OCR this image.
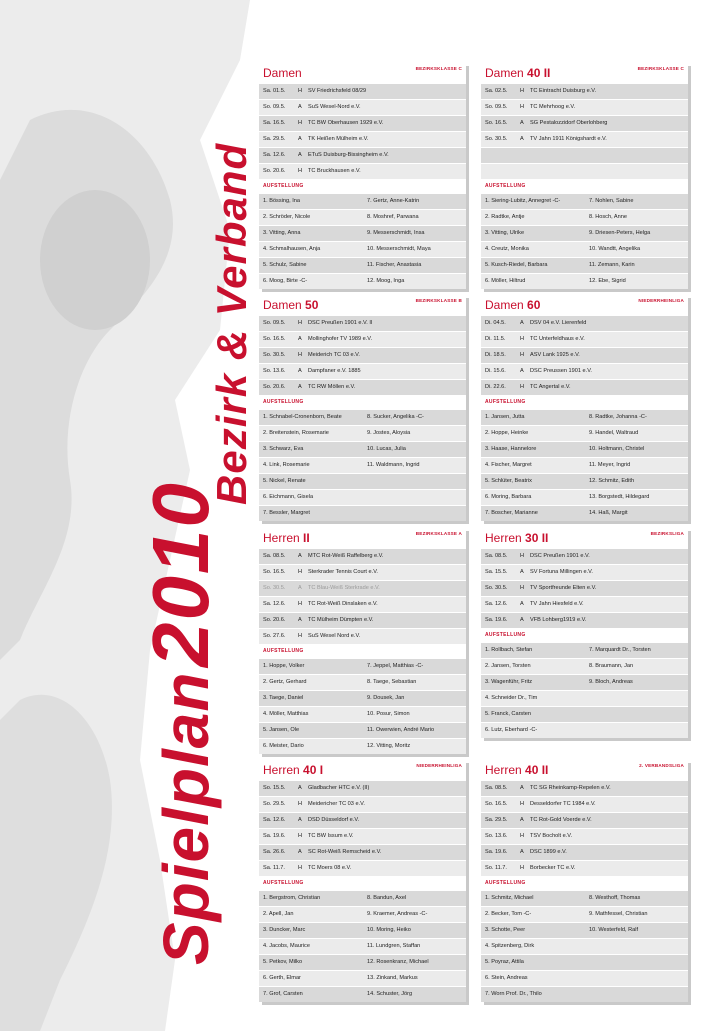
Spielplan 2010
Bezirk & Verband
Damen	BEZIRKSKLASSE C
Sa. 01.5. H SV Friedrichsfeld 08/29
So. 09.5. A SuS Wesel-Nord e.V.
Sa. 16.5. H TC BW Oberhausen 1929 e.V.
Sa. 29.5. A TK Heißen Mülheim e.V.
Sa. 12.6. A ETuS Duisburg-Bissingheim e.V.
So. 20.6. H TC Bruckhausen e.V.
AUFSTELLUNG
1. Bössing, Ina	7. Gertz, Anne-Katrin
2. Schröder, Nicole	8. Moshref, Parwana
3. Vitting, Anna	9. Messerschmidt, Insa
4. Schmalhausen, Anja	10. Messerschmidt, Maya
5. Schulz, Sabine	11. Fischer, Anastasia
6. Moog, Birte -C-	12. Moog, Inga
Damen 40 II	BEZIRKSKLASSE C
Sa. 02.5. H TC Eintracht Duisburg e.V.
So. 09.5. H TC Mehrhoog e.V.
So. 16.5. A SG Pestalozzidorf Oberlohberg
So. 30.5. A TV Jahn 1911 Königshardt e.V.
AUFSTELLUNG
1. Siering-Lubitz, Annegret -C-	7. Nohlen, Sabine
2. Radtke, Antje	8. Hosch, Anne
3. Vitting, Ulrike	9. Driesen-Peters, Helga
4. Creutz, Monika	10. Wandtt, Angelika
5. Kusch-Riedel, Barbara	11. Zemann, Karin
6. Möller, Hiltrud	12. Ebe, Sigrid
Damen 50	BEZIRKSKLASSE B
So. 09.5. H DSC Preußen 1901 e.V. II
So. 16.5. A Mollinghofer TV 1989 e.V.
So. 30.5. H Meiderich TC 03 e.V.
So. 13.6. A Dampfaner e.V. 1885
So. 20.6. A TC RW Möllen e.V.
AUFSTELLUNG
1. Schnabel-Cronenborn, Beate	8. Sucker, Angelika -C-
2. Breitenstein, Rosemarie	9. Jostes, Aloysia
3. Schwarz, Eva	10. Lucas, Julia
4. Link, Rosemarie	11. Waldmann, Ingrid
5. Nickel, Renate
6. Eichmann, Gisela
7. Bessler, Margret
Damen 60	NIEDERRHEINLIGA
Di. 04.5.	A DSV 04 e.V. Lierenfeld
Di. 11.5.	H TC Unterfeldhaus e.V.
Di. 18.5.	H ASV Lank 1925 e.V.
Di. 15.6.	A DSC Preussen 1901 e.V.
Di. 22.6.	H TC Angertal e.V.
AUFSTELLUNG
1. Jansen, Jutta	8. Radtke, Johanna -C-
2. Hoppe, Heinke	9. Handel, Waltraud
3. Haase, Hannelore	10. Holtmann, Christel
4. Fischer, Margret	11. Meyer, Ingrid
5. Schlüter, Beatrix	12. Schmitz, Edith
6. Moring, Barbara	13. Borgstedt, Hildegard
7. Boscher, Marianne	14. Haß, Margit
Herren II	BEZIRKSKLASSE A
Sa. 08.5. A MTC Rot-Weiß Raffelberg e.V.
So. 16.5. H Sterkrader Tennis Court e.V.
So. 30.5. A TC Blau-Weiß Sterkrade e.V.
Sa. 12.6. H TC Rot-Weiß Dinslaken e.V.
So. 20.6. A TC Mülheim Dümpten e.V.
So. 27.6. H SuS Wesel Nord e.V.
AUFSTELLUNG
1. Hoppe, Volker	7. Jeppel, Matthias -C-
2. Gertz, Gerhard	8. Taege, Sebastian
3. Taege, Daniel	9. Dousek, Jan
4. Möller, Matthias	10. Posur, Simon
5. Jansen, Ole	11. Owerwien, André Mario
6. Meister, Dario	12. Vitting, Moritz
Herren 30 II	BEZIRKSLIGA
Sa. 08.5. H DSC Preußen 1901 e.V.
Sa. 15.5. A SV Fortuna Millingen e.V.
So. 30.5. H TV Sportfreunde Elten e.V.
Sa. 12.6. A TV Jahn Hiesfeld e.V.
Sa. 19.6. A VFB Lohberg1919 e.V.
AUFSTELLUNG
1. Rollbach, Stefan	7. Marquardt Dr., Torsten
2. Jansen, Torsten	8. Braumann, Jan
3. Wagenführ, Fritz	9. Bloch, Andreas
4. Schneider Dr., Tim
5. Franck, Carsten
6. Lutz, Eberhard -C-
Herren 40 I	NIEDERRHEINLIGA
So. 15.5. A Gladbacher HTC e.V. (II)
So. 29.5. H Meidericher TC 03 e.V.
Sa. 12.6. A DSD Düsseldorf e.V.
Sa. 19.6. H TC BW Issum e.V.
Sa. 26.6. A SC Rot-Weiß Remscheid e.V.
Sa. 11.7. H TC Moers 08 e.V.
AUFSTELLUNG
1. Bergstrom, Christian	8. Bandun, Axel
2. Apell, Jan	9. Kraemer, Andreas -C-
3. Duncker, Marc	10. Moring, Heiko
4. Jacobs, Maurice	11. Lundgren, Staffan
5. Petkov, Milko	12. Rosenkranz, Michael
6. Gerth, Elmar	13. Zinkand, Markus
7. Grof, Carsten	14. Schuster, Jörg
Herren 40 II	2. VERBANDSLIGA
Sa. 08.5. A TC SG Rheinkamp-Repelen e.V.
So. 16.5. H Desseldorfer TC 1984 e.V.
Sa. 29.5. A TC Rot-Gold Voerde e.V.
So. 13.6. H TSV Bocholt e.V.
Sa. 19.6. A DSC 1899 e.V.
So. 11.7. H Borbecker TC e.V.
AUFSTELLUNG
1. Schmitz, Michael	8. Westhoff, Thomas
2. Becker, Tom -C-	9. Mathfessel, Christian
3. Schotte, Peer	10. Westerfeld, Ralf
4. Spitzenberg, Dirk
5. Poyraz, Attila
6. Stein, Andreas
7. Worn Prof. Dr., Thilo
